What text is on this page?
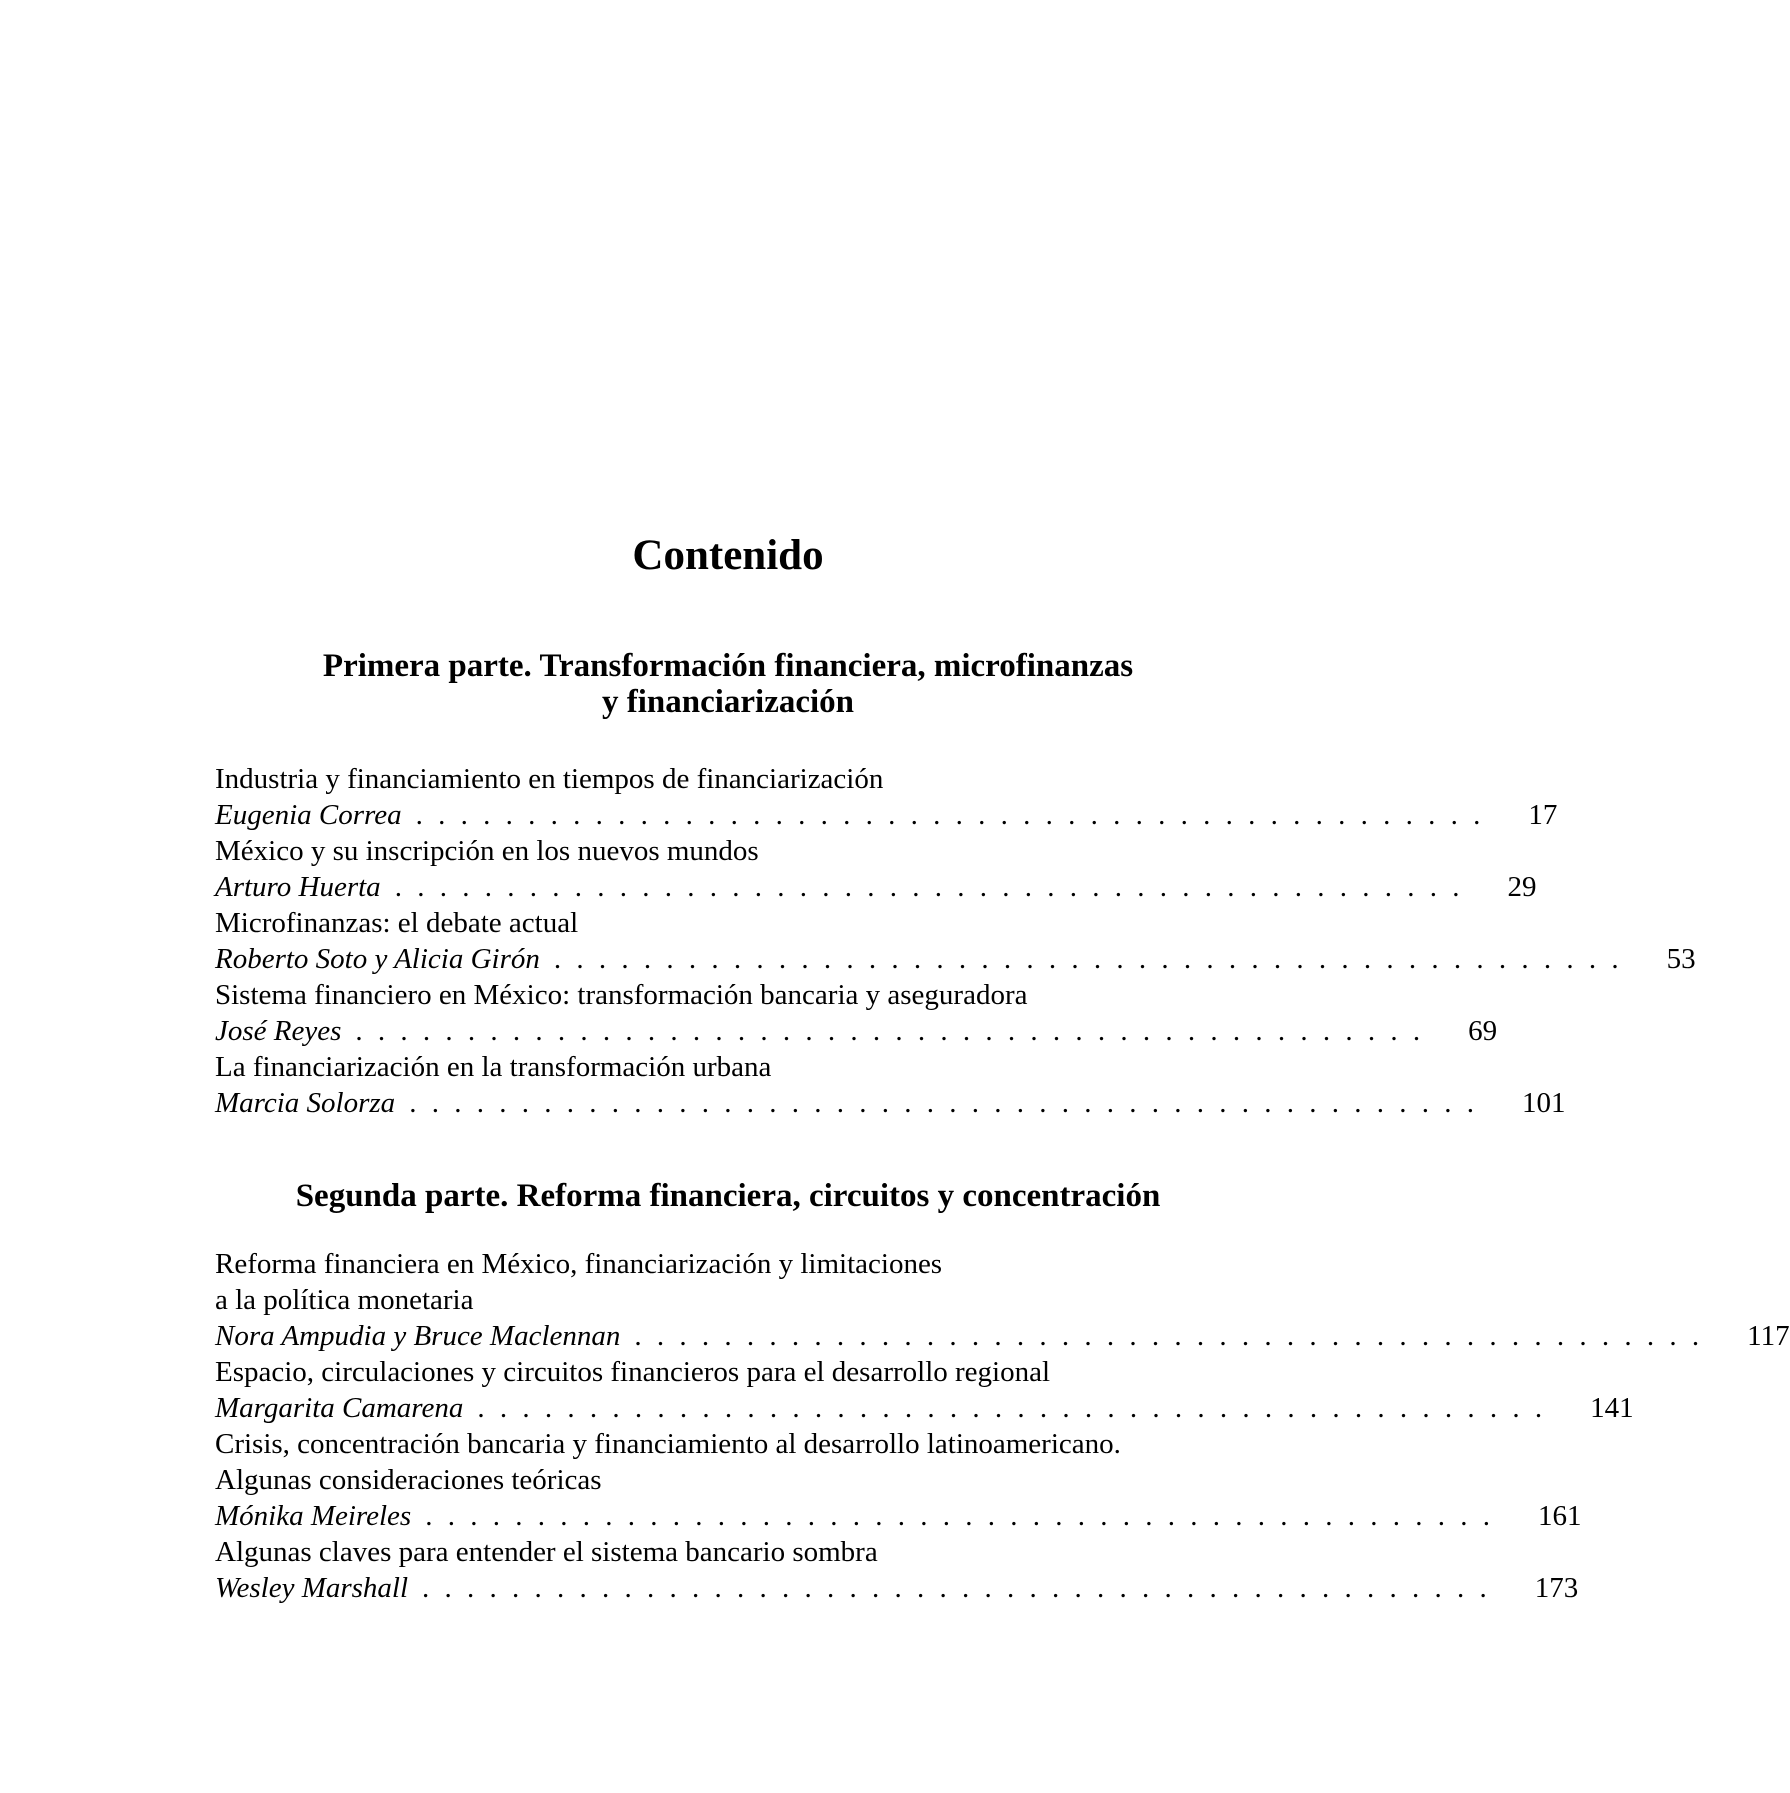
Contenido
Primera parte. Transformación financiera, microfinanzas
y financiarización
Industria y financiamiento en tiempos de financiarización
Eugenia Correa . . . . . . . . . . . . . . . . . . . . . . . . . . . . . . . . . . . . . . . . . . . . . . . . 17
México y su inscripción en los nuevos mundos
Arturo Huerta . . . . . . . . . . . . . . . . . . . . . . . . . . . . . . . . . . . . . . . . . . . . . . . . 29
Microfinanzas: el debate actual
Roberto Soto y Alicia Girón . . . . . . . . . . . . . . . . . . . . . . . . . . . . . . . . . . . . . . . . . . . . . . . . 53
Sistema financiero en México: transformación bancaria y aseguradora
José Reyes . . . . . . . . . . . . . . . . . . . . . . . . . . . . . . . . . . . . . . . . . . . . . . . . 69
La financiarización en la transformación urbana
Marcia Solorza . . . . . . . . . . . . . . . . . . . . . . . . . . . . . . . . . . . . . . . . . . . . . . . . 101
Segunda parte. Reforma financiera, circuitos y concentración
Reforma financiera en México, financiarización y limitaciones
a la política monetaria
Nora Ampudia y Bruce Maclennan . . . . . . . . . . . . . . . . . . . . . . . . . . . . . . . . . . . . . . . . . . . . . . . . 117
Espacio, circulaciones y circuitos financieros para el desarrollo regional
Margarita Camarena . . . . . . . . . . . . . . . . . . . . . . . . . . . . . . . . . . . . . . . . . . . . . . . . 141
Crisis, concentración bancaria y financiamiento al desarrollo latinoamericano.
Algunas consideraciones teóricas
Mónika Meireles . . . . . . . . . . . . . . . . . . . . . . . . . . . . . . . . . . . . . . . . . . . . . . . . 161
Algunas claves para entender el sistema bancario sombra
Wesley Marshall . . . . . . . . . . . . . . . . . . . . . . . . . . . . . . . . . . . . . . . . . . . . . . . . 173
